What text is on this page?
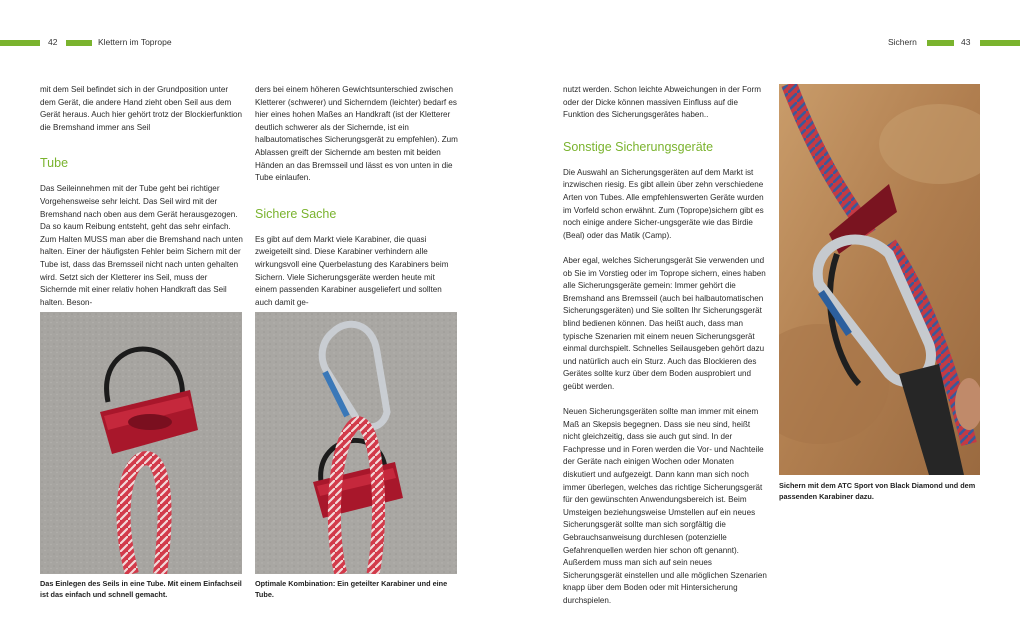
42	Klettern im Toprope	Sichern	43

mit dem Seil befindet sich in der Grundposition unter dem Gerät, die andere Hand zieht oben Seil aus dem Gerät heraus. Auch hier gehört trotz der Blockierfunktion die Bremshand immer ans Seil

Tube

Das Seileinnehmen mit der Tube geht bei richtiger Vorgehensweise sehr leicht. Das Seil wird mit der Bremshand nach oben aus dem Gerät herausgezogen. Da so kaum Reibung entsteht, geht das sehr einfach. Zum Halten MUSS man aber die Bremshand nach unten halten. Einer der häufigsten Fehler beim Sichern mit der Tube ist, dass das Bremsseil nicht nach unten gehalten wird. Setzt sich der Kletterer ins Seil, muss der Sichernde mit einer relativ hohen Handkraft das Seil halten. Beson-

ders bei einem höheren Gewichtsunterschied zwischen Kletterer (schwerer) und Sicherndem (leichter) bedarf es hier eines hohen Maßes an Handkraft (ist der Kletterer deutlich schwerer als der Sichernde, ist ein halbautomatisches Sicherungsgerät zu empfehlen). Zum Ablassen greift der Sichernde am besten mit beiden Händen an das Bremsseil und lässt es von unten in die Tube einlaufen.

Sichere Sache

Es gibt auf dem Markt viele Karabiner, die quasi zweigeteilt sind. Diese Karabiner verhindern alle wirkungsvoll eine Querbelastung des Karabiners beim Sichern. Viele Sicherungsgeräte werden heute mit einem passenden Karabiner ausgeliefert und sollten auch damit ge-

nutzt werden. Schon leichte Abweichungen in der Form oder der Dicke können massiven Einfluss auf die Funktion des Sicherungsgerätes haben..

Sonstige Sicherungsgeräte

Die Auswahl an Sicherungsgeräten auf dem Markt ist inzwischen riesig. Es gibt allein über zehn verschiedene Arten von Tubes. Alle empfehlenswerten Geräte wurden im Vorfeld schon erwähnt. Zum (Toprope)sichern gibt es noch einige andere Sicher-ungsgeräte wie das Birdie (Beal) oder das Matik (Camp).

Aber egal, welches Sicherungsgerät Sie verwenden und ob Sie im Vorstieg oder im Toprope sichern, eines haben alle Sicherungsgeräte gemein: Immer gehört die Bremshand ans Bremsseil (auch bei halbautomatischen Sicherungsgeräten) und Sie sollten Ihr Sicherungsgerät blind bedienen können. Das heißt auch, dass man typische Szenarien mit einem neuen Sicherungsgerät einmal durchspielt. Schnelles Seilausgeben gehört dazu und natürlich auch ein Sturz. Auch das Blockieren des Gerätes sollte kurz über dem Boden ausprobiert und geübt werden.

Neuen Sicherungsgeräten sollte man immer mit einem Maß an Skepsis begegnen. Dass sie neu sind, heißt nicht gleichzeitig, dass sie auch gut sind. In der Fachpresse und in Foren werden die Vor- und Nachteile der Geräte nach einigen Wochen oder Monaten diskutiert und aufgezeigt. Dann kann man sich noch immer überlegen, welches das richtige Sicherungsgerät für den gewünschten Anwendungsbereich ist. Beim Umsteigen beziehungsweise Umstellen auf ein neues Sicherungsgerät sollte man sich sorgfältig die Gebrauchsanweisung durchlesen (potenzielle Gefahrenquellen werden hier schon oft genannt). Außerdem muss man sich auf sein neues Sicherungsgerät einstellen und alle möglichen Szenarien knapp über dem Boden oder mit Hintersicherung durchspielen.

Das Einlegen des Seils in eine Tube. Mit einem Einfachseil ist das einfach und schnell gemacht.
Optimale Kombination: Ein geteilter Karabiner und eine Tube.
Sichern mit dem ATC Sport von Black Diamond und dem passenden Karabiner dazu.
